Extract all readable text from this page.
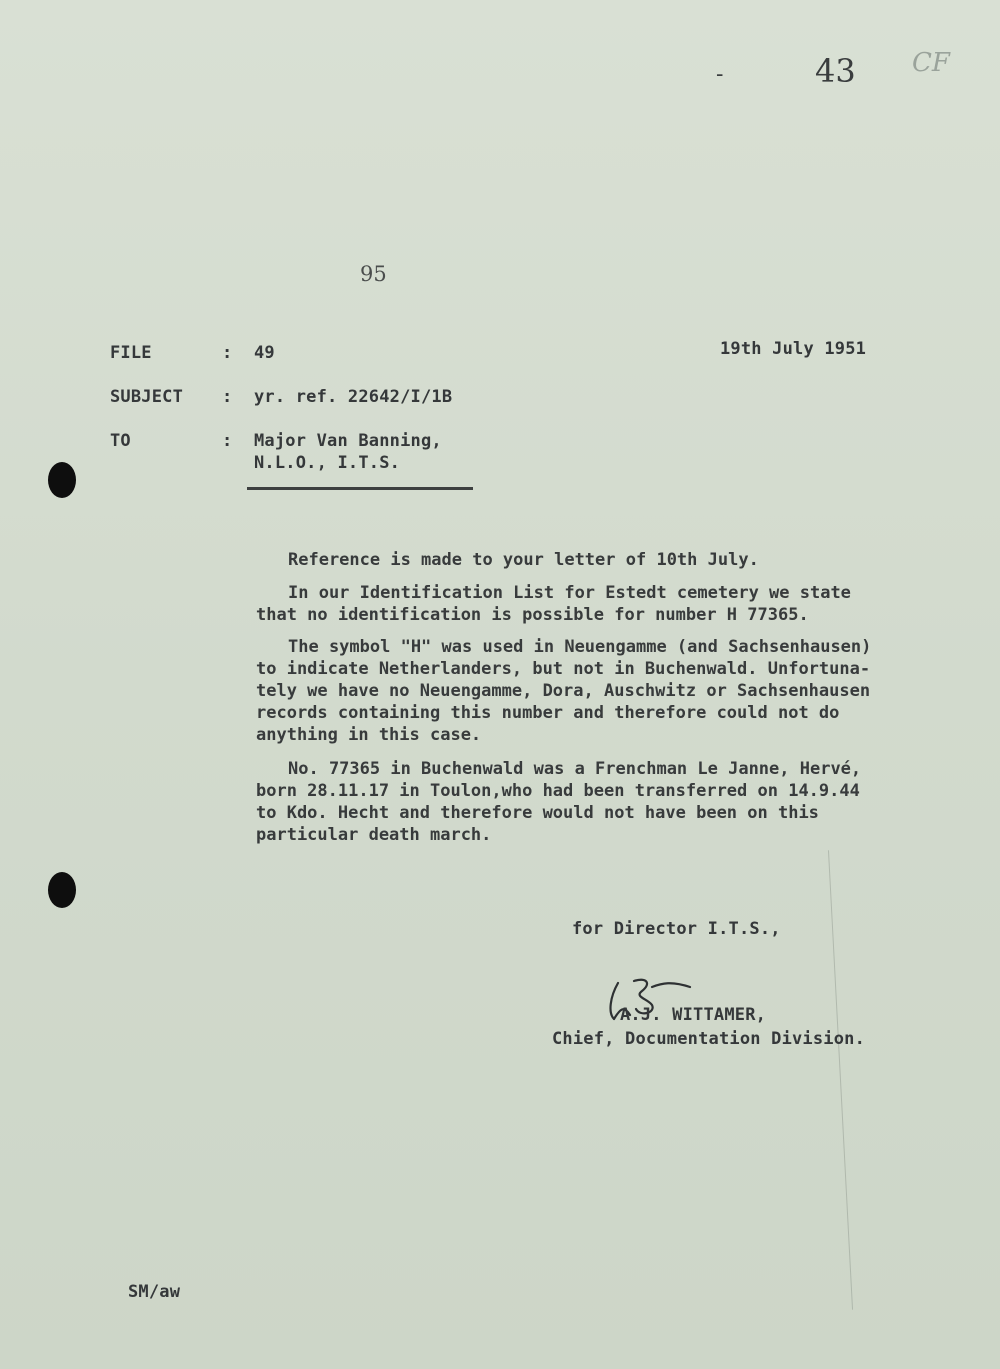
-	43 CF
95
FILE	: 49	19th July 1951
SUBJECT : yr. ref. 22642/I/1B
TO	: Major Van Banning,
N.L.O., I.T.S.
Reference is made to your letter of 10th July.
In our Identification List for Estedt cemetery we state
that no identification is possible for number H 77365.
The symbol "H" was used in Neuengamme (and Sachsenhausen)
to indicate Netherlanders, but not in Buchenwald. Unfortuna-
tely we have no Neuengamme, Dora, Auschwitz or Sachsenhausen
records containing this number and therefore could not do
anything in this case.
No. 77365 in Buchenwald was a Frenchman Le Janne, Hervé,
born 28.11.17 in Toulon,who had been transferred on 14.9.44
to Kdo. Hecht and therefore would not have been on this
particular death march.
for Director I.T.S.,
A.J. WITTAMER,
Chief, Documentation Division.
SM/aw
